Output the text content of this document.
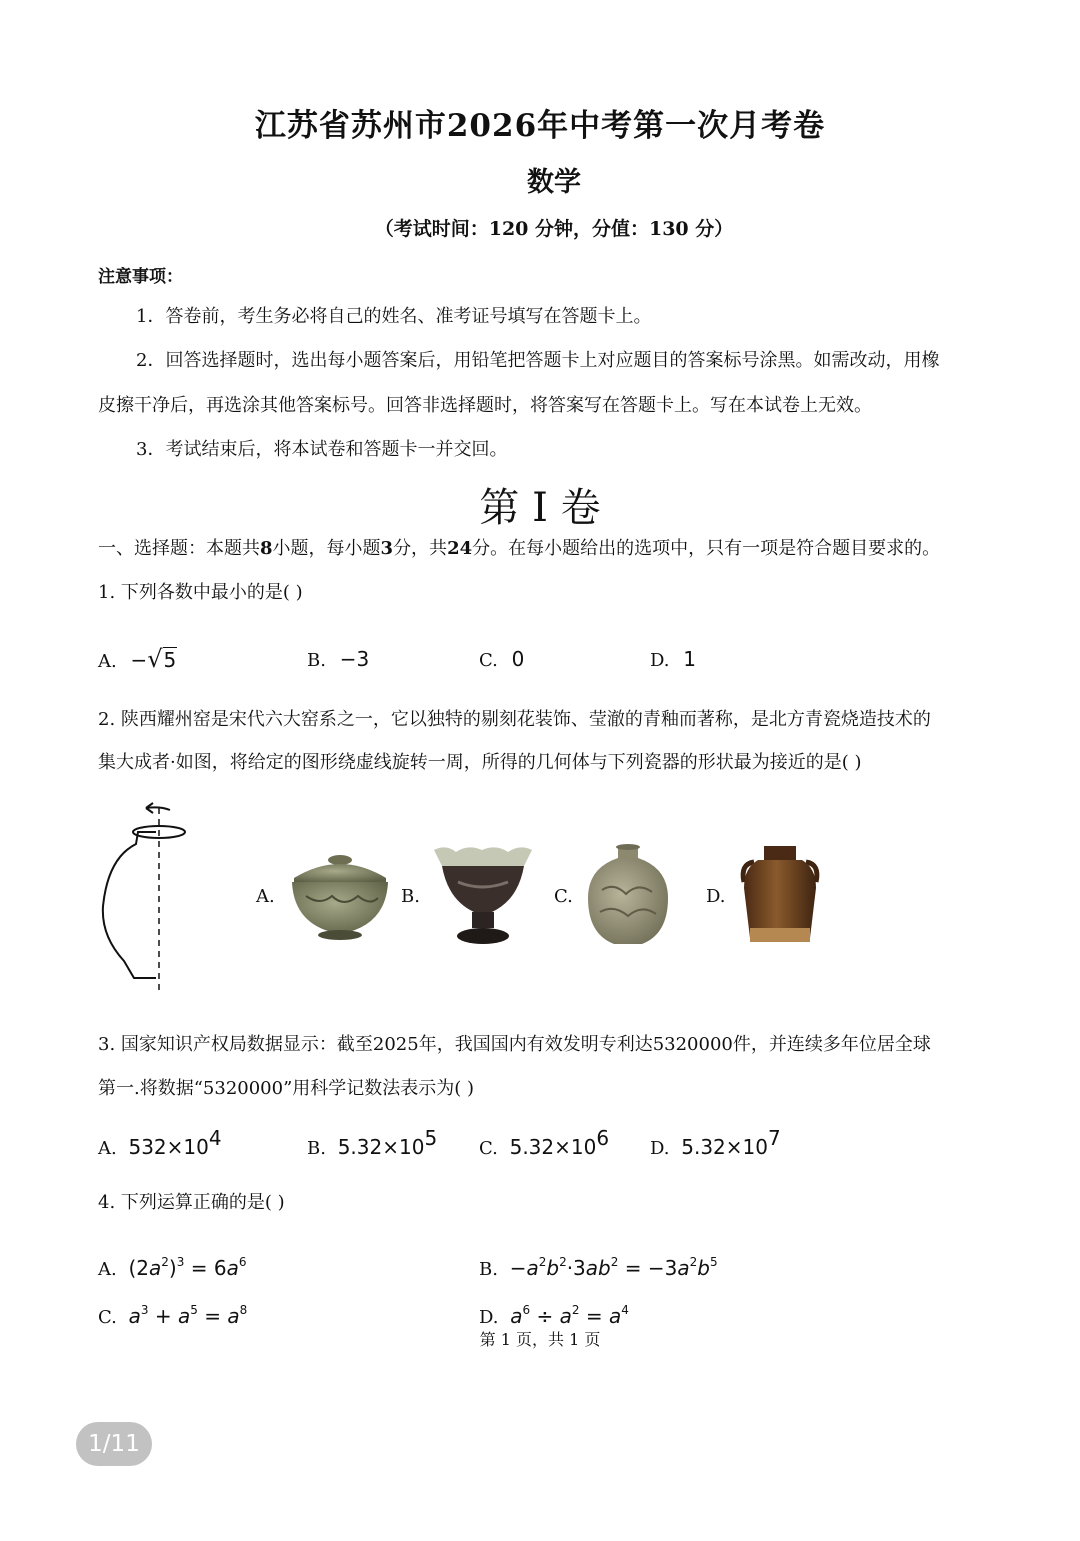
江苏省苏州市2026年中考第一次月考卷
数学
（考试时间：120 分钟，分值：130 分）
注意事项：
1．答卷前，考生务必将自己的姓名、准考证号填写在答题卡上。
2．回答选择题时，选出每小题答案后，用铅笔把答题卡上对应题目的答案标号涂黑。如需改动，用橡
皮擦干净后，再选涂其他答案标号。回答非选择题时，将答案写在答题卡上。写在本试卷上无效。
3．考试结束后，将本试卷和答题卡一并交回。
第 I 卷
一、选择题：本题共8小题，每小题3分，共24分。在每小题给出的选项中，只有一项是符合题目要求的。
1. 下列各数中最小的是( )
A. −√5	B. −3	C. 0	D. 1
2. 陕西耀州窑是宋代六大窑系之一，它以独特的剔刻花装饰、莹澈的青釉而著称，是北方青瓷烧造技术的
集大成者·如图，将给定的图形绕虚线旋转一周，所得的几何体与下列瓷器的形状最为接近的是( )
A.	B.	C.	D.
3. 国家知识产权局数据显示：截至2025年，我国国内有效发明专利达5320000件，并连续多年位居全球
第一.将数据“5320000”用科学记数法表示为( )
A. $532\times 10^4$	B. $5.32\times 10^5$ C. $5.32\times 10^6$ D. $5.32\times 10^7$
4. 下列运算正确的是( )
A. $(2a^2)^3 = 6a^6$	B. $-a^2b^2\cdot 3ab^2 = -3a^2b^5$
C. $a^3 + a^5 = a^8$	D. $a^6 \div a^2 = a^4$
第 1 页，共 1 页
1/11
